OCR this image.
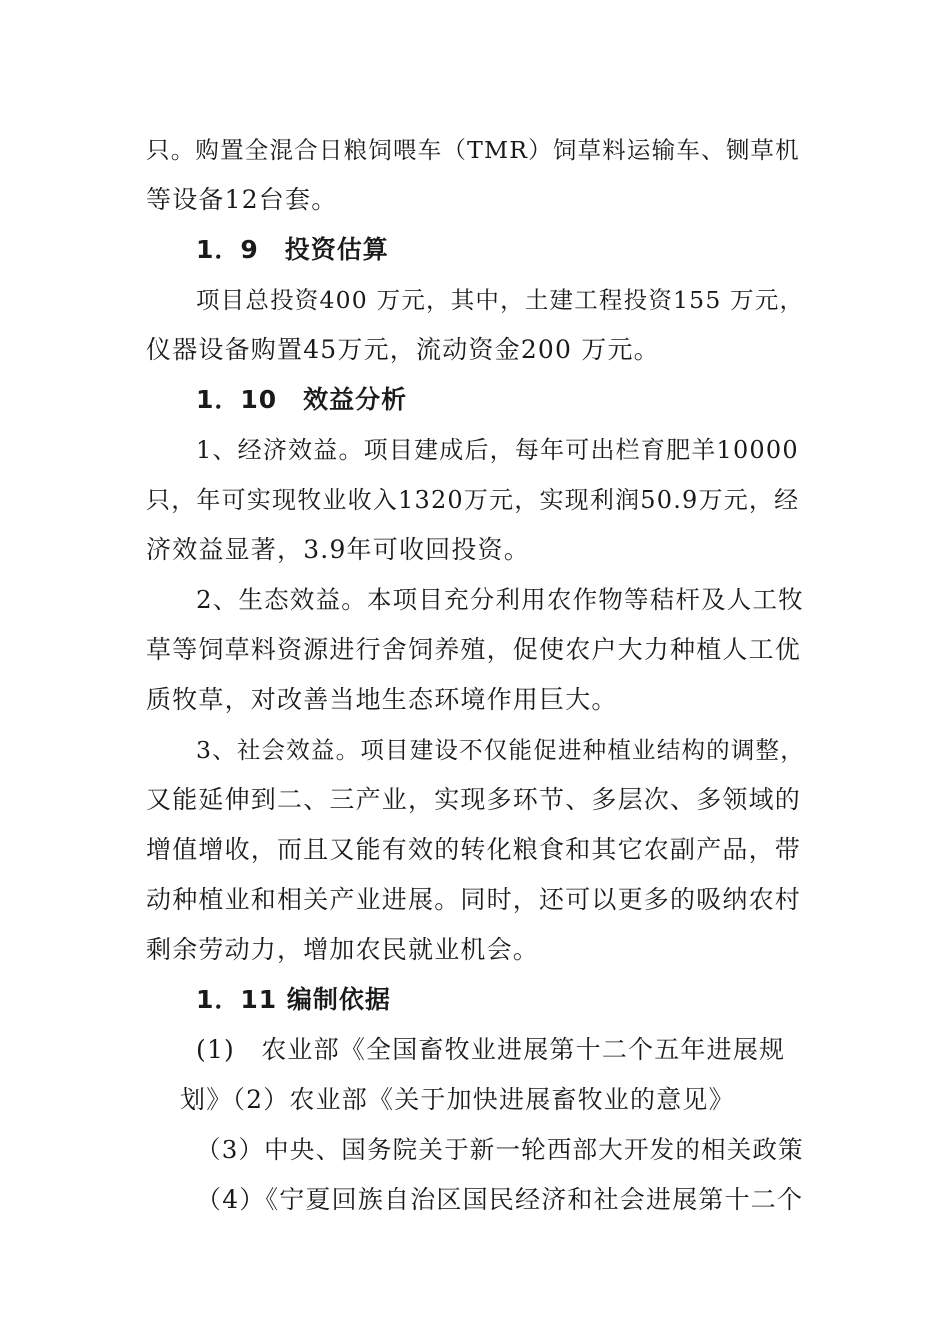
只。购置全混合日粮饲喂车（TMR）饲草料运输车、铡草机
等设备12台套。
1．9　投资估算
项目总投资400 万元，其中，土建工程投资155 万元，
仪器设备购置45万元，流动资金200 万元。
1．10　效益分析
1、经济效益。项目建成后，每年可出栏育肥羊10000
只，年可实现牧业收入1320万元，实现利润50.9万元，经
济效益显著，3.9年可收回投资。
2、生态效益。本项目充分利用农作物等秸杆及人工牧
草等饲草料资源进行舍饲养殖，促使农户大力种植人工优
质牧草，对改善当地生态环境作用巨大。
3、社会效益。项目建设不仅能促进种植业结构的调整，
又能延伸到二、三产业，实现多环节、多层次、多领域的
增值增收，而且又能有效的转化粮食和其它农副产品，带
动种植业和相关产业进展。同时，还可以更多的吸纳农村
剩余劳动力，增加农民就业机会。
1．11 编制依据
(1)　农业部《全国畜牧业进展第十二个五年进展规
划》（2）农业部《关于加快进展畜牧业的意见》
（3）中央、国务院关于新一轮西部大开发的相关政策
（4）《宁夏回族自治区国民经济和社会进展第十二个
